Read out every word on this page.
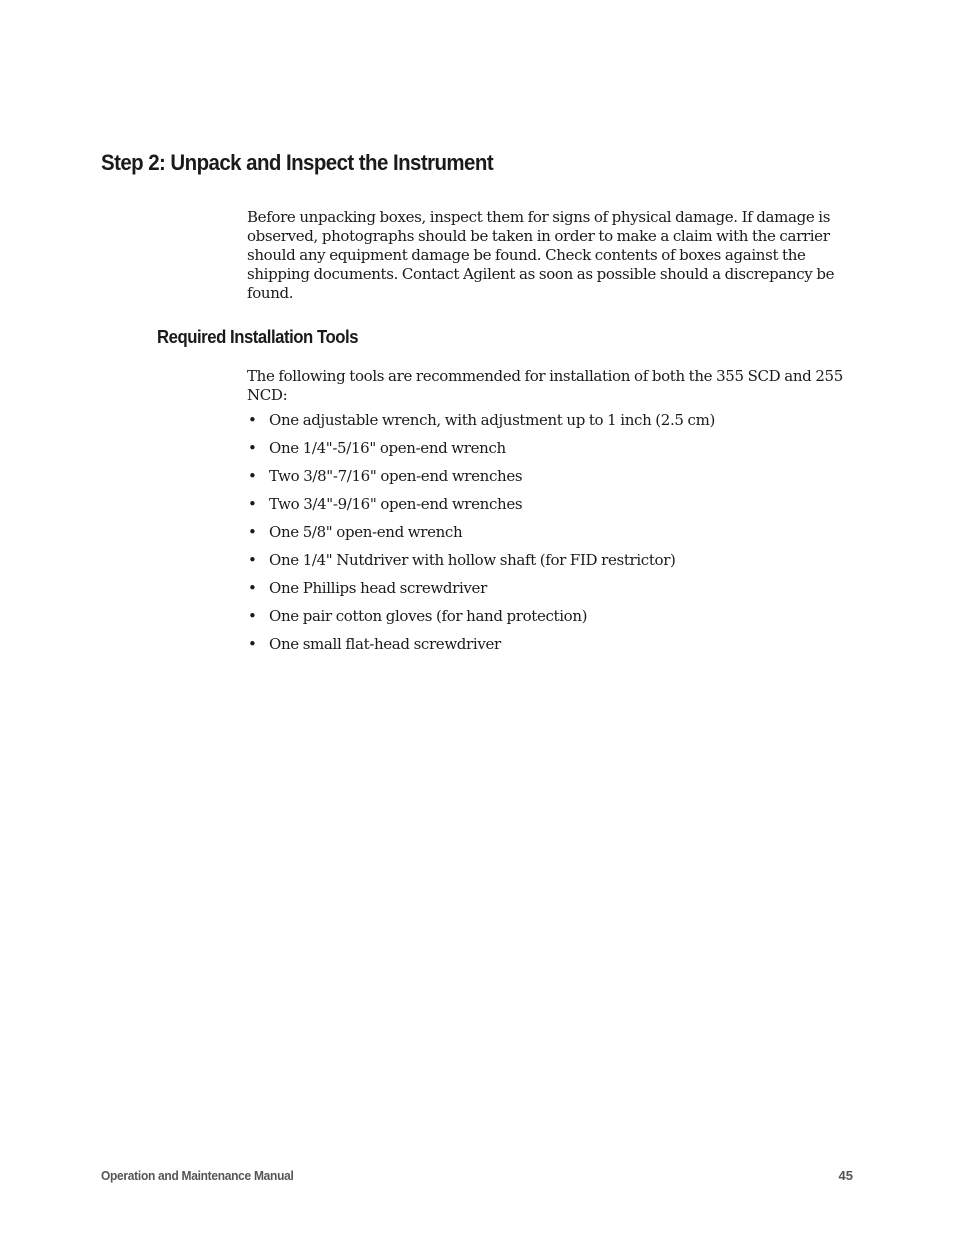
Step 2: Unpack and Inspect the Instrument

Before unpacking boxes, inspect them for signs of physical damage. If damage is observed, photographs should be taken in order to make a claim with the carrier should any equipment damage be found. Check contents of boxes against the shipping documents. Contact Agilent as soon as possible should a discrepancy be found.

Required Installation Tools

The following tools are recommended for installation of both the 355 SCD and 255 NCD:

• One adjustable wrench, with adjustment up to 1 inch (2.5 cm)
• One 1/4"-5/16" open-end wrench
• Two 3/8"-7/16" open-end wrenches
• Two 3/4"-9/16" open-end wrenches
• One 5/8" open-end wrench
• One 1/4" Nutdriver with hollow shaft (for FID restrictor)
• One Phillips head screwdriver
• One pair cotton gloves (for hand protection)
• One small flat-head screwdriver
Operation and Maintenance Manual	45
